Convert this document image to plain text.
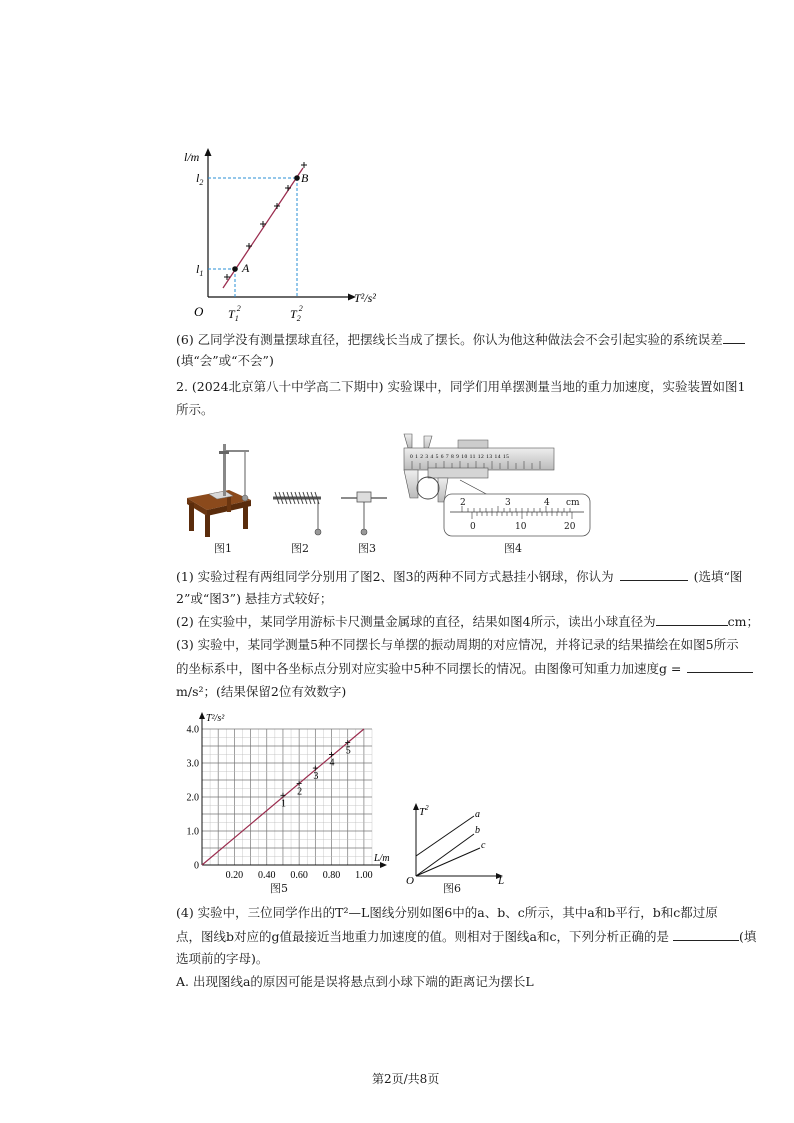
l/m
O
T²/s²
$l_2$
$l_1$	A
B
$T_12$	$T_22$
(6) 乙同学没有测量摆球直径，把摆线长当成了摆长。你认为他这种做法会不会引起实验的系统误差
(填“会”或“不会”)
2. (2024北京第八十中学高二下期中) 实验课中，同学们用单摆测量当地的重力加速度，实验装置如图1
所示。
图1	图2	图3
0 1 2 3 4 5 6 7 8 9 10 11 12 13 14 15
2	3	4 cm
0	10	20
图4
(1) 实验过程有两组同学分别用了图2、图3的两种不同方式悬挂小钢球，你认为	(选填“图
2”或“图3”) 悬挂方式较好；
(2) 在实验中，某同学用游标卡尺测量金属球的直径，结果如图4所示，读出小球直径为	cm；
(3) 实验中，某同学测量5种不同摆长与单摆的振动周期的对应情况，并将记录的结果描绘在如图5所示
的坐标系中，图中各坐标点分别对应实验中5种不同摆长的情况。由图像可知重力加速度g =
m/s²；(结果保留2位有效数字)
0.20 0.40 0.60 0.80 1.00
0
1.0
2.0
3.0
4.0
T²/s²
L/m
1
2
3
4
5
图5
$T^2$
O	L
a
b
c
图6
(4) 实验中，三位同学作出的T²—L图线分别如图6中的a、b、c所示，其中a和b平行，b和c都过原
点，图线b对应的g值最接近当地重力加速度的值。则相对于图线a和c，下列分析正确的是	(填
选项前的字母)。
A. 出现图线a的原因可能是误将悬点到小球下端的距离记为摆长L
第2页/共8页
